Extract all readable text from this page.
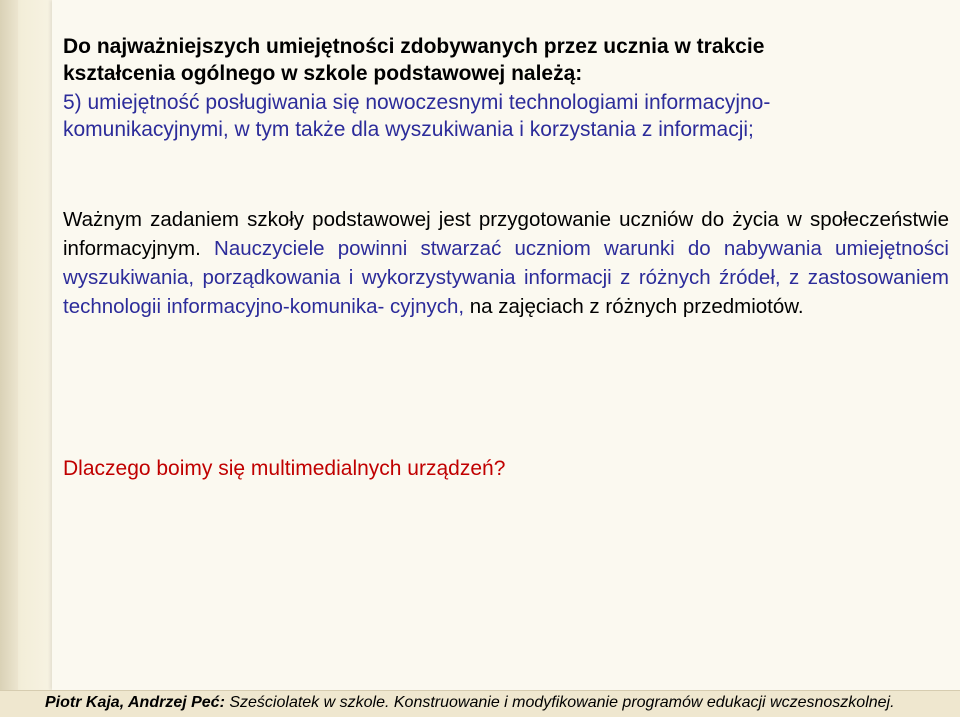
Do najważniejszych umiejętności zdobywanych przez ucznia w trakcie
kształcenia ogólnego w szkole podstawowej należą:
5) umiejętność posługiwania się nowoczesnymi technologiami informacyjno-
komunikacyjnymi, w tym także dla wyszukiwania i korzystania z informacji;
Ważnym zadaniem szkoły podstawowej jest przygotowanie uczniów do życia w społeczeństwie informacyjnym. Nauczyciele powinni stwarzać uczniom warunki do nabywania umiejętności wyszukiwania, porządkowania i wykorzystywania informacji z różnych źródeł, z zastosowaniem technologii informacyjno-komunika- cyjnych, na zajęciach z różnych przedmiotów.
Dlaczego boimy się multimedialnych urządzeń?
Piotr Kaja, Andrzej Peć: Sześciolatek w szkole. Konstruowanie i modyfikowanie programów edukacji wczesnoszkolnej.
